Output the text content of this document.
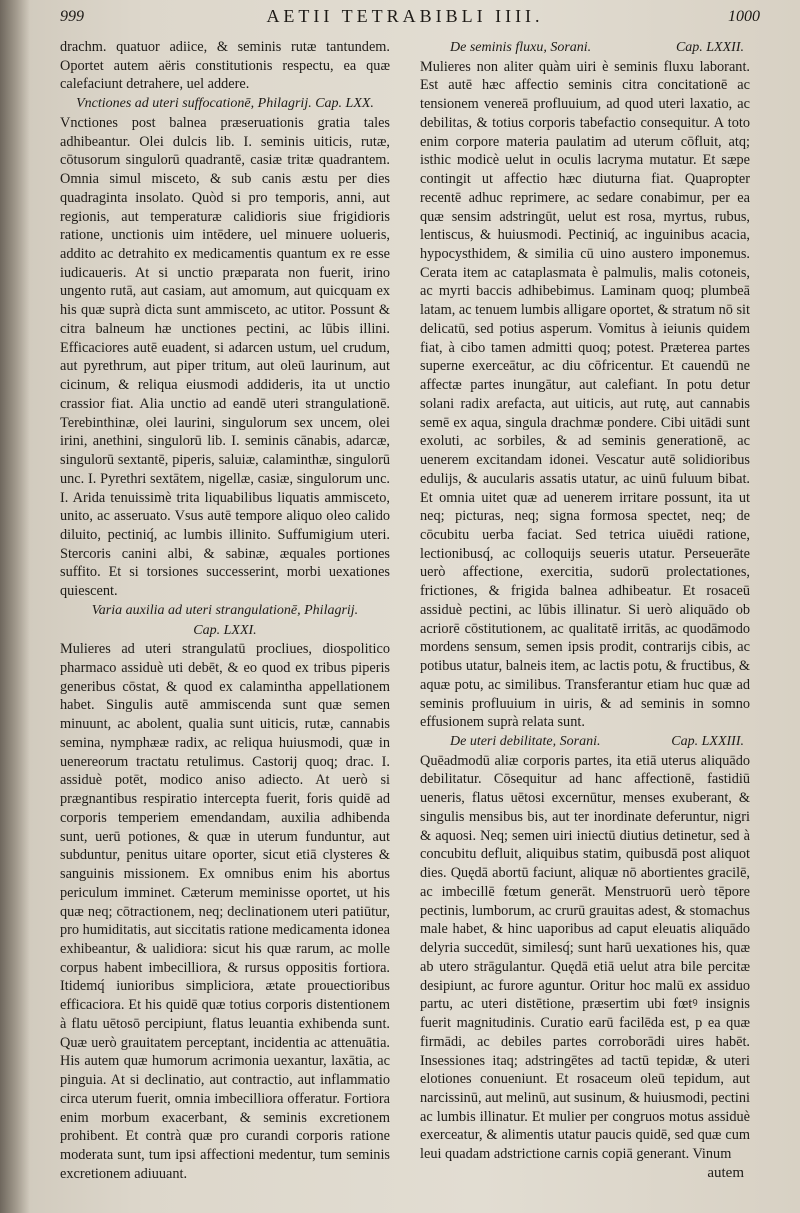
999	AETII TETRABIBLI IIII.	1000

drachm. quatuor adiice, & seminis rutæ tantundem. Oportet autem aëris constitutionis respectu, ea quæ calefaciunt detrahere, uel addere.

Vnctiones ad uteri suffocationē, Philagrij. Cap. LXX.

Vnctiones post balnea præseruationis gratia tales adhibeantur. Olei dulcis lib. I. seminis uiticis, rutæ, cōtusorum singulorū quadrantē, casiæ tritæ quadrantem. Omnia simul misceto, & sub canis æstu per dies quadraginta insolato. Quòd si pro temporis, anni, aut regionis, aut temperaturæ calidioris siue frigidioris ratione, unctionis uim intēdere, uel minuere uolueris, addito ac detrahito ex medicamentis quantum ex re esse iudicaueris. At si unctio præparata non fuerit, irino ungento rutā, aut casiam, aut amomum, aut quicquam ex his quæ suprà dicta sunt ammisceto, ac utitor. Possunt & citra balneum hæ unctiones pectini, ac lūbis illini. Efficaciores autē euadent, si adarcen ustum, uel crudum, aut pyrethrum, aut piper tritum, aut oleū laurinum, aut cicinum, & reliqua eiusmodi addideris, ita ut unctio crassior fiat. Alia unctio ad eandē uteri strangulationē. Terebinthinæ, olei laurini, singulorum sex uncem, olei irini, anethini, singulorū lib. I. seminis cānabis, adarcæ, singulorū sextantē, piperis, saluiæ, calaminthæ, singulorū unc. I. Pyrethri sextātem, nigellæ, casiæ, singulorum unc. I. Arida tenuissimè trita liquabilibus liquatis ammisceto, unito, ac asseruato. Vsus autē tempore aliquo oleo calido diluito, pectiniq́, ac lumbis illinito. Suffumigium uteri. Stercoris canini albi, & sabinæ, æquales portiones suffito. Et si torsiones successerint, morbi uexationes quiescent.

Varia auxilia ad uteri strangulationē, Philagrij.

Cap. LXXI.

Mulieres ad uteri strangulatū procliues, diospolitico pharmaco assiduè uti debēt, & eo quod ex tribus piperis generibus cōstat, & quod ex calamintha appellationem habet. Singulis autē ammiscenda sunt quæ semen minuunt, ac abolent, qualia sunt uiticis, rutæ, cannabis semina, nymphææ radix, ac reliqua huiusmodi, quæ in uenereorum tractatu retulimus. Castorij quoq; drac. I. assiduè potēt, modico aniso adiecto. At uerò si prægnantibus respiratio intercepta fuerit, foris quidē ad corporis temperiem emendandam, auxilia adhibenda sunt, uerū potiones, & quæ in uterum funduntur, aut subduntur, penitus uitare oporter, sicut etiā clysteres & sanguinis missionem. Ex omnibus enim his abortus periculum imminet. Cæterum meminisse oportet, ut his quæ neq; cōtractionem, neq; declinationem uteri patiūtur, pro humiditatis, aut siccitatis ratione medicamenta idonea exhibeantur, & ualidiora: sicut his quæ rarum, ac molle corpus habent imbecilliora, & rursus oppositis fortiora. Itidemq́ iunioribus simpliciora, ætate prouectioribus efficaciora. Et his quidē quæ totius corporis distentionem à flatu uētosō percipiunt, flatus leuantia exhibenda sunt. Quæ uerò grauitatem perceptant, incidentia ac attenuātia. His autem quæ humorum acrimonia uexantur, laxātia, ac pinguia. At si declinatio, aut contractio, aut inflammatio circa uterum fuerit, omnia imbecilliora offeratur. Fortiora enim morbum exacerbant, & seminis excretionem prohibent. Et contrà quæ pro curandi corporis ratione moderata sunt, tum ipsi affectioni medentur, tum seminis excretionem adiuuant.

De seminis fluxu, Sorani.	Cap. LXXII.

Mulieres non aliter quàm uiri è seminis fluxu laborant. Est autē hæc affectio seminis citra concitationē ac tensionem venereā profluuium, ad quod uteri laxatio, ac debilitas, & totius corporis tabefactio consequitur. A toto enim corpore materia paulatim ad uterum cōfluit, atq; isthic modicè uelut in oculis lacryma mutatur. Et sæpe contingit ut affectio hæc diuturna fiat. Quapropter recentē adhuc reprimere, ac sedare conabimur, per ea quæ sensim adstringūt, uelut est rosa, myrtus, rubus, lentiscus, & huiusmodi. Pectiniq́, ac inguinibus acacia, hypocysthidem, & similia cū uino austero imponemus. Cerata item ac cataplasmata è palmulis, malis cotoneis, ac myrti baccis adhibebimus. Laminam quoq; plumbeā latam, ac tenuem lumbis alligare oportet, & stratum nō sit delicatū, sed potius asperum. Vomitus à ieiunis quidem fiat, à cibo tamen admitti quoq; potest. Præterea partes superne exerceātur, ac diu cōfricentur. Et cauendū ne affectæ partes inungātur, aut calefiant. In potu detur solani radix arefacta, aut uiticis, aut rutę, aut cannabis semē ex aqua, singula drachmæ pondere. Cibi uitādi sunt exoluti, ac sorbiles, & ad seminis generationē, ac uenerem excitandam idonei. Vescatur autē solidioribus edulijs, & aucularis assatis utatur, ac uinū fuluum bibat. Et omnia uitet quæ ad uenerem irritare possunt, ita ut neq; picturas, neq; signa formosa spectet, neq; de cōcubitu uerba faciat. Sed tetrica uiuēdi ratione, lectionibusq́, ac colloquijs seueris utatur. Perseuerāte uerò affectione, exercitia, sudorū prolectationes, frictiones, & frigida balnea adhibeatur. Et rosaceū assiduè pectini, ac lūbis illinatur. Si uerò aliquādo ob acriorē cōstitutionem, ac qualitatē irritās, ac quodāmodo mordens sensum, semen ipsis prodit, contrarijs cibis, ac potibus utatur, balneis item, ac lactis potu, & fructibus, & aquæ potu, ac similibus. Transferantur etiam huc quæ ad seminis profluuium in uiris, & ad seminis in somno effusionem suprà relata sunt.

De uteri debilitate, Sorani.	Cap. LXXIII.

Quēadmodū aliæ corporis partes, ita etiā uterus aliquādo debilitatur. Cōsequitur ad hanc affectionē, fastidiū ueneris, flatus uētosi excernūtur, menses exuberant, & singulis mensibus bis, aut ter inordinate deferuntur, nigri & aquosi. Neq; semen uiri iniectū diutius detinetur, sed à concubitu defluit, aliquibus statim, quibusdā post aliquot dies. Quędā abortū faciunt, aliquæ nō abortientes gracilē, ac imbecillē fœtum generāt. Menstruorū uerò tēpore pectinis, lumborum, ac crurū grauitas adest, & stomachus male habet, & hinc uaporibus ad caput eleuatis aliquādo delyria succedūt, similesq́; sunt harū uexationes his, quæ ab utero strāgulantur. Quędā etiā uelut atra bile percitæ desipiunt, ac furore aguntur. Oritur hoc malū ex assiduo partu, ac uteri distētione, præsertim ubi fœtꝰ insignis fuerit magnitudinis. Curatio earū facilēda est, p ea quæ firmādi, ac debiles partes corroborādi uires habēt. Insessiones itaq; adstringētes ad tactū tepidæ, & uteri elotiones conueniunt. Et rosaceum oleū tepidum, aut narcissinū, aut melinū, aut susinum, & huiusmodi, pectini ac lumbis illinatur. Et mulier per congruos motus assiduè exerceatur, & alimentis utatur paucis quidē, sed quæ cum leui quadam adstrictione carnis copiā generant. Vinum

autem
